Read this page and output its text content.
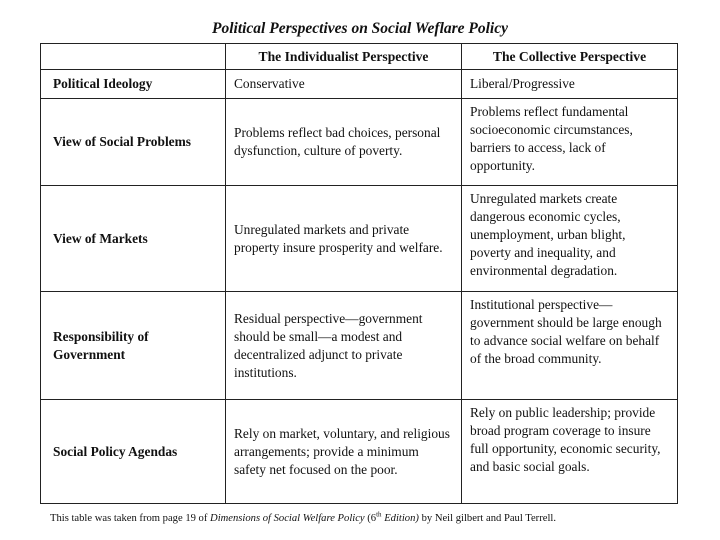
Political Perspectives on Social Weflare Policy
	The Individualist Perspective	The Collective Perspective
Political Ideology	Conservative	Liberal/Progressive
View of Social Problems	Problems reflect bad choices, personal dysfunction, culture of poverty.	Problems reflect fundamental socioeconomic circumstances, barriers to access, lack of opportunity.
View of Markets	Unregulated markets and private property insure prosperity and welfare.	Unregulated markets create dangerous economic cycles, unemployment, urban blight, poverty and inequality, and environmental degradation.
Responsibility of Government	Residual perspective—government should be small—a modest and decentralized adjunct to private institutions.	Institutional perspective—government should be large enough to advance social welfare on behalf of the broad community.
Social Policy Agendas	Rely on market, voluntary, and religious arrangements; provide a minimum safety net focused on the poor.	Rely on public leadership; provide broad program coverage to insure full opportunity, economic security, and basic social goals.
This table was taken from page 19 of Dimensions of Social Welfare Policy (6th Edition) by Neil gilbert and Paul Terrell.
